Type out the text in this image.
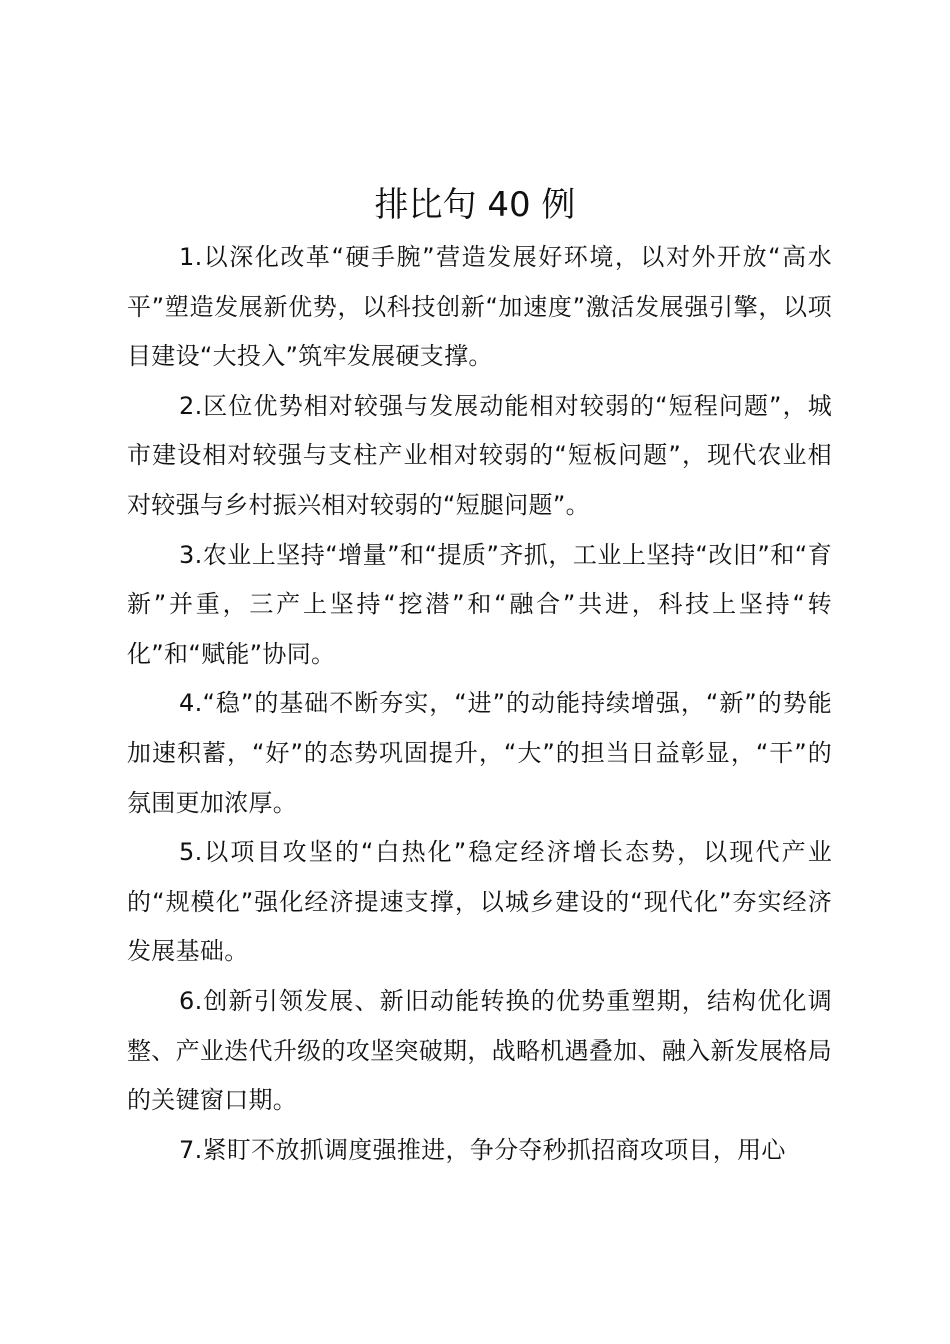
排比句 40 例

1.以深化改革“硬手腕”营造发展好环境，以对外开放“高水平”塑造发展新优势，以科技创新“加速度”激活发展强引擎，以项目建设“大投入”筑牢发展硬支撑。

2.区位优势相对较强与发展动能相对较弱的“短程问题”，城市建设相对较强与支柱产业相对较弱的“短板问题”，现代农业相对较强与乡村振兴相对较弱的“短腿问题”。

3.农业上坚持“增量”和“提质”齐抓，工业上坚持“改旧”和“育新”并重，三产上坚持“挖潜”和“融合”共进，科技上坚持“转化”和“赋能”协同。

4.“稳”的基础不断夯实，“进”的动能持续增强，“新”的势能加速积蓄，“好”的态势巩固提升，“大”的担当日益彰显，“干”的氛围更加浓厚。

5.以项目攻坚的“白热化”稳定经济增长态势，以现代产业的“规模化”强化经济提速支撑，以城乡建设的“现代化”夯实经济发展基础。

6.创新引领发展、新旧动能转换的优势重塑期，结构优化调整、产业迭代升级的攻坚突破期，战略机遇叠加、融入新发展格局的关键窗口期。

7.紧盯不放抓调度强推进，争分夺秒抓招商攻项目，用心
